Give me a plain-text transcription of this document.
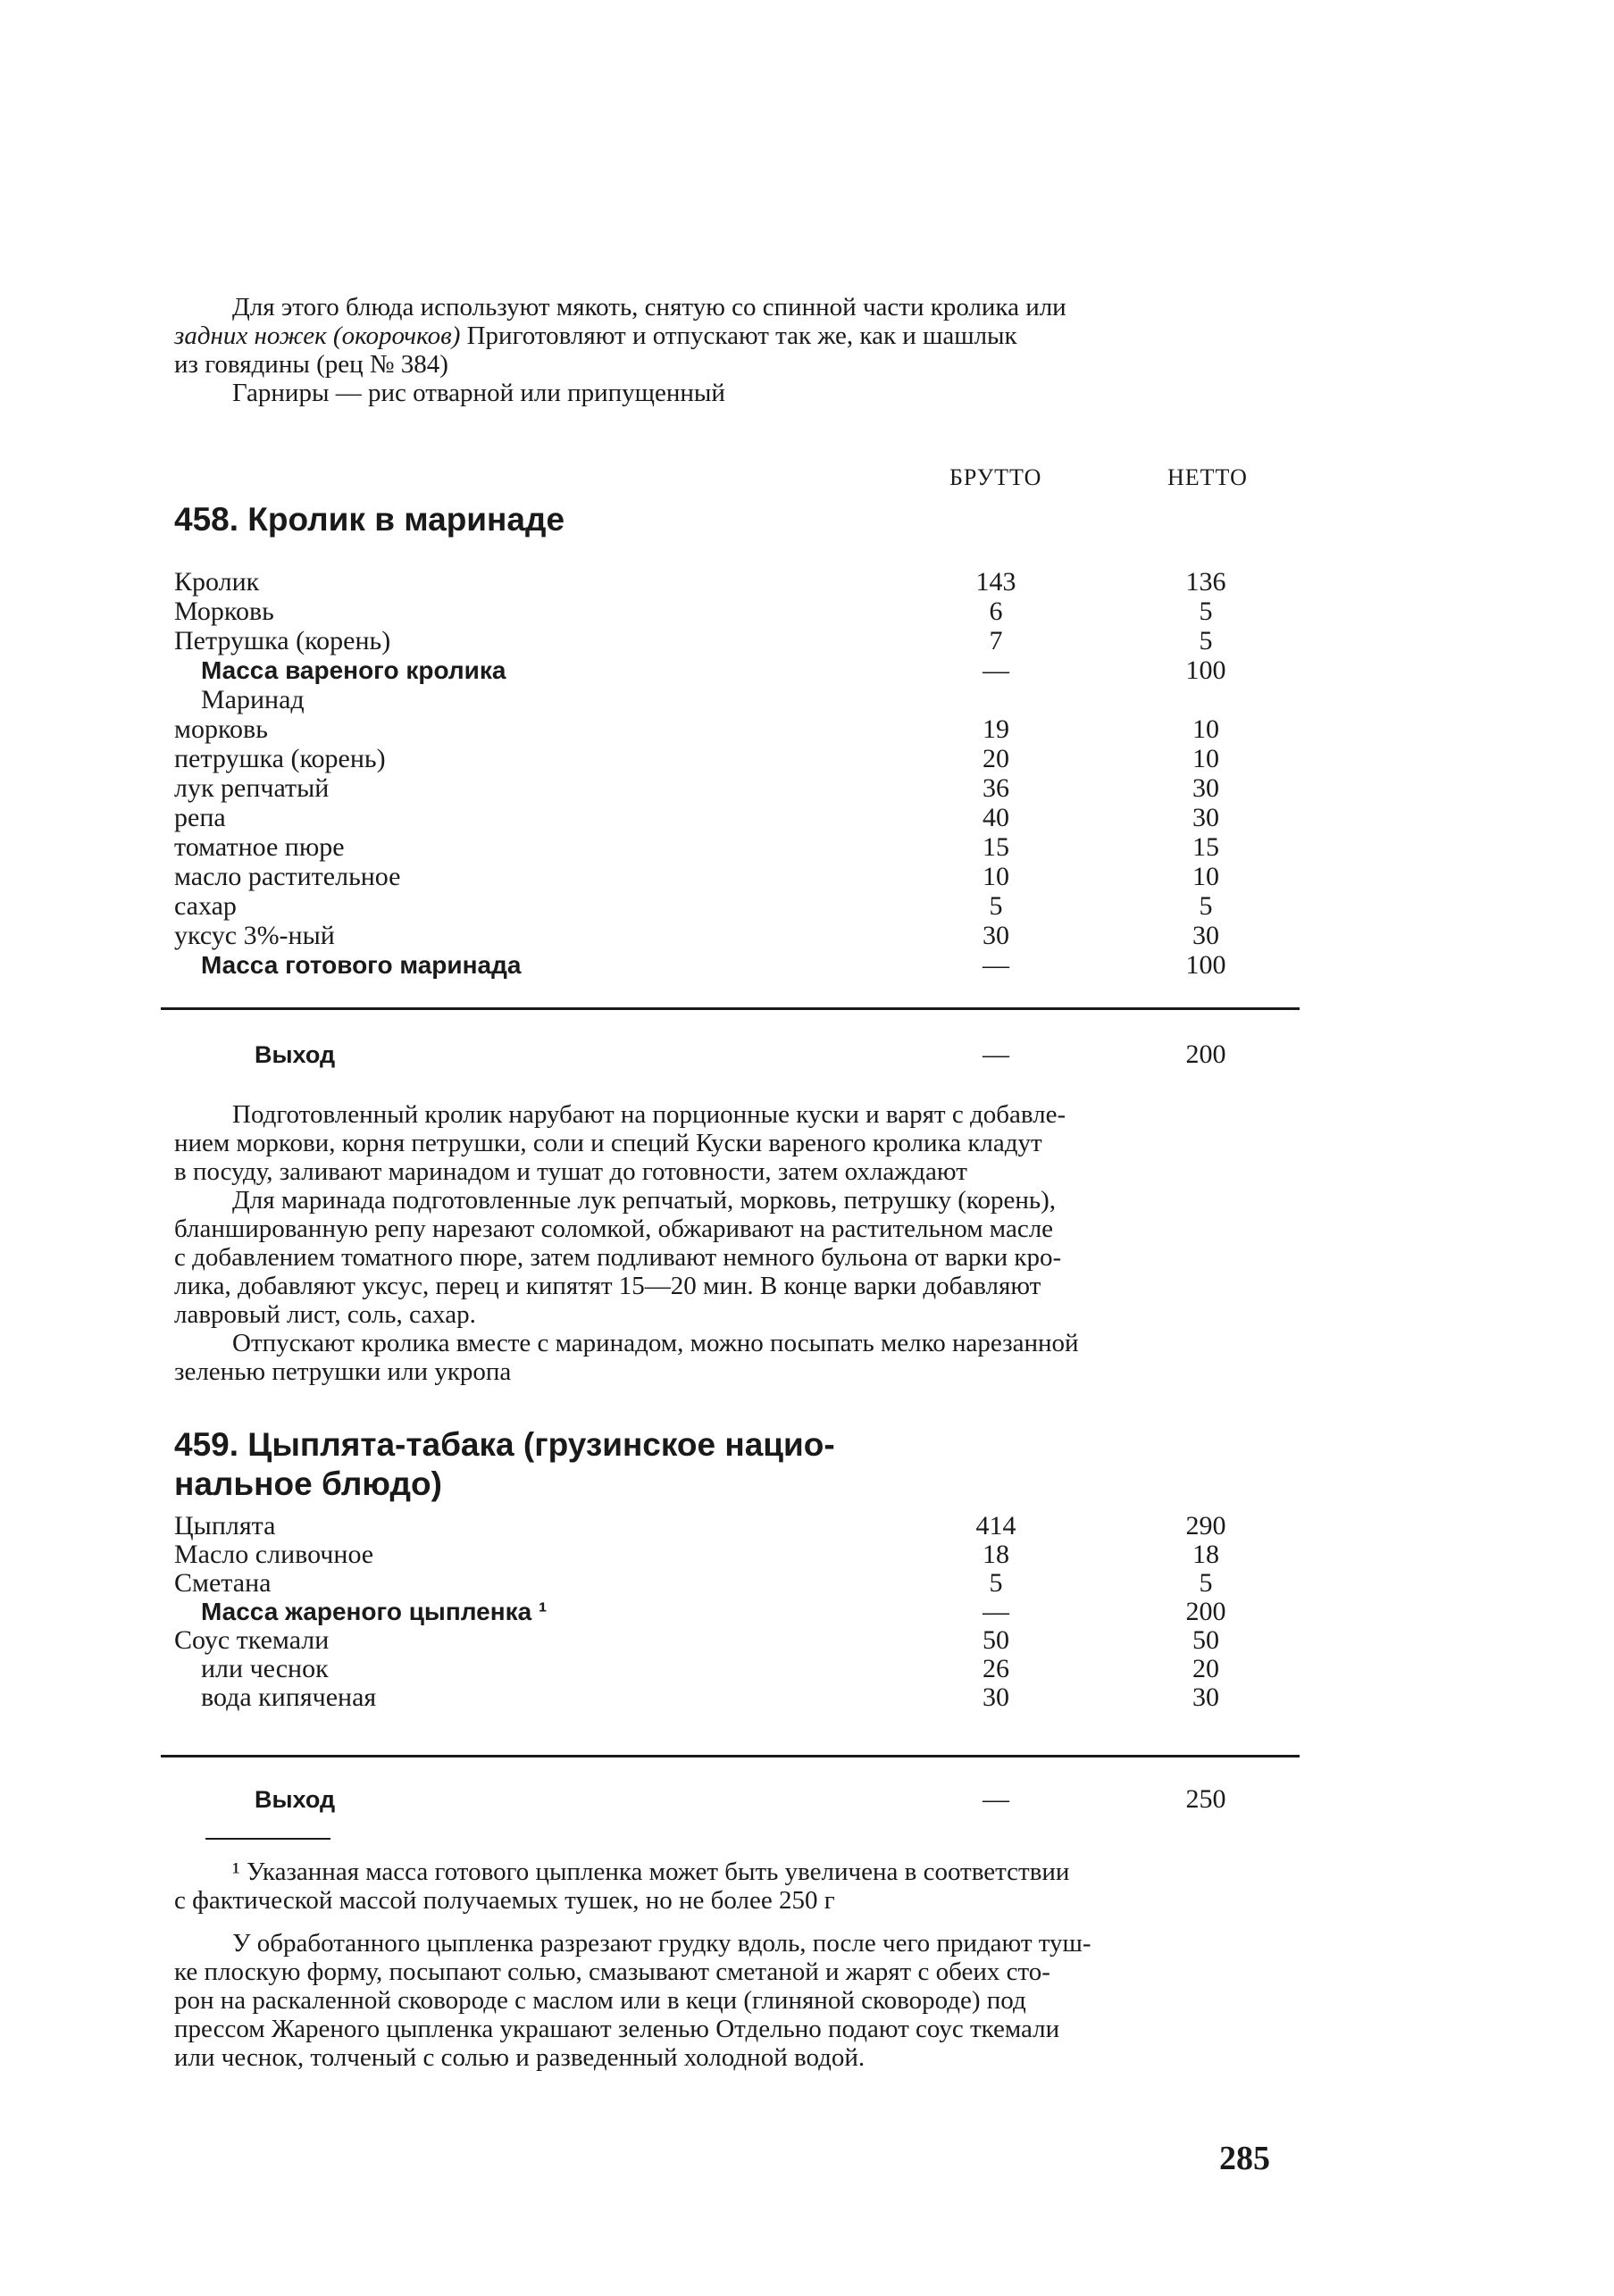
Для этого блюда используют мякоть, снятую со спинной части кролика или
задних ножек (окорочков) Приготовляют и отпускают так же, как и шашлык
из говядины (рец № 384)
Гарниры — рис отварной или припущенный
БРУТТО	НЕТТО
458. Кролик в маринаде
Кролик	143	136
Морковь	6	5
Петрушка (корень)	7	5
Масса вареного кролика	—	100
Маринад
морковь	19	10
петрушка (корень)	20	10
лук репчатый	36	30
репа	40	30
томатное пюре	15	15
масло растительное	10	10
сахар	5	5
уксус 3%-ный	30	30
Масса готового маринада	—	100
Выход	—	200
Подготовленный кролик нарубают на порционные куски и варят с добавле-
нием моркови, корня петрушки, соли и специй Куски вареного кролика кладут
в посуду, заливают маринадом и тушат до готовности, затем охлаждают
Для маринада подготовленные лук репчатый, морковь, петрушку (корень),
бланшированную репу нарезают соломкой, обжаривают на растительном масле
с добавлением томатного пюре, затем подливают немного бульона от варки кро-
лика, добавляют уксус, перец и кипятят 15—20 мин. В конце варки добавляют
лавровый лист, соль, сахар.
Отпускают кролика вместе с маринадом, можно посыпать мелко нарезанной
зеленью петрушки или укропа
459. Цыплята-табака (грузинское нацио-
нальное блюдо)
Цыплята	414	290
Масло сливочное	18	18
Сметана	5	5
Масса жареного цыпленка ¹	—	200
Соус ткемали	50	50
или чеснок	26	20
вода кипяченая	30	30
Выход	—	250
¹ Указанная масса готового цыпленка может быть увеличена в соответствии
с фактической массой получаемых тушек, но не более 250 г
У обработанного цыпленка разрезают грудку вдоль, после чего придают туш-
ке плоскую форму, посыпают солью, смазывают сметаной и жарят с обеих сто-
рон на раскаленной сковороде с маслом или в кеци (глиняной сковороде) под
прессом Жареного цыпленка украшают зеленью Отдельно подают соус ткемали
или чеснок, толченый с солью и разведенный холодной водой.
285
